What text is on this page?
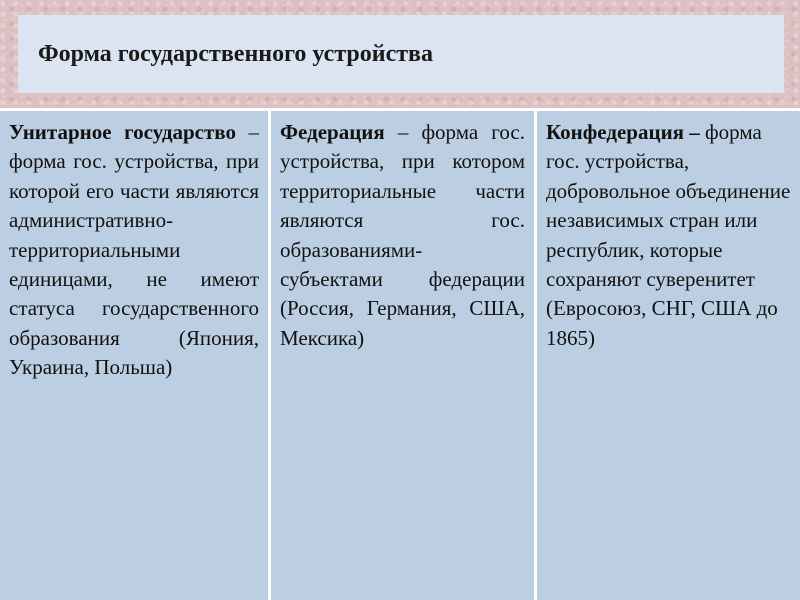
Форма государственного устройства
Унитарное государство – форма гос. устройства, при которой его части являются административно-территориальными единицами, не имеют статуса государственного образования (Япония, Украина, Польша)
Федерация – форма гос. устройства, при котором территориальные части являются гос. образованиями-субъектами федерации (Россия, Германия, США, Мексика)
Конфедерация – форма гос. устройства, добровольное объединение независимых стран или республик, которые сохраняют суверенитет (Евросоюз, СНГ, США до 1865)
